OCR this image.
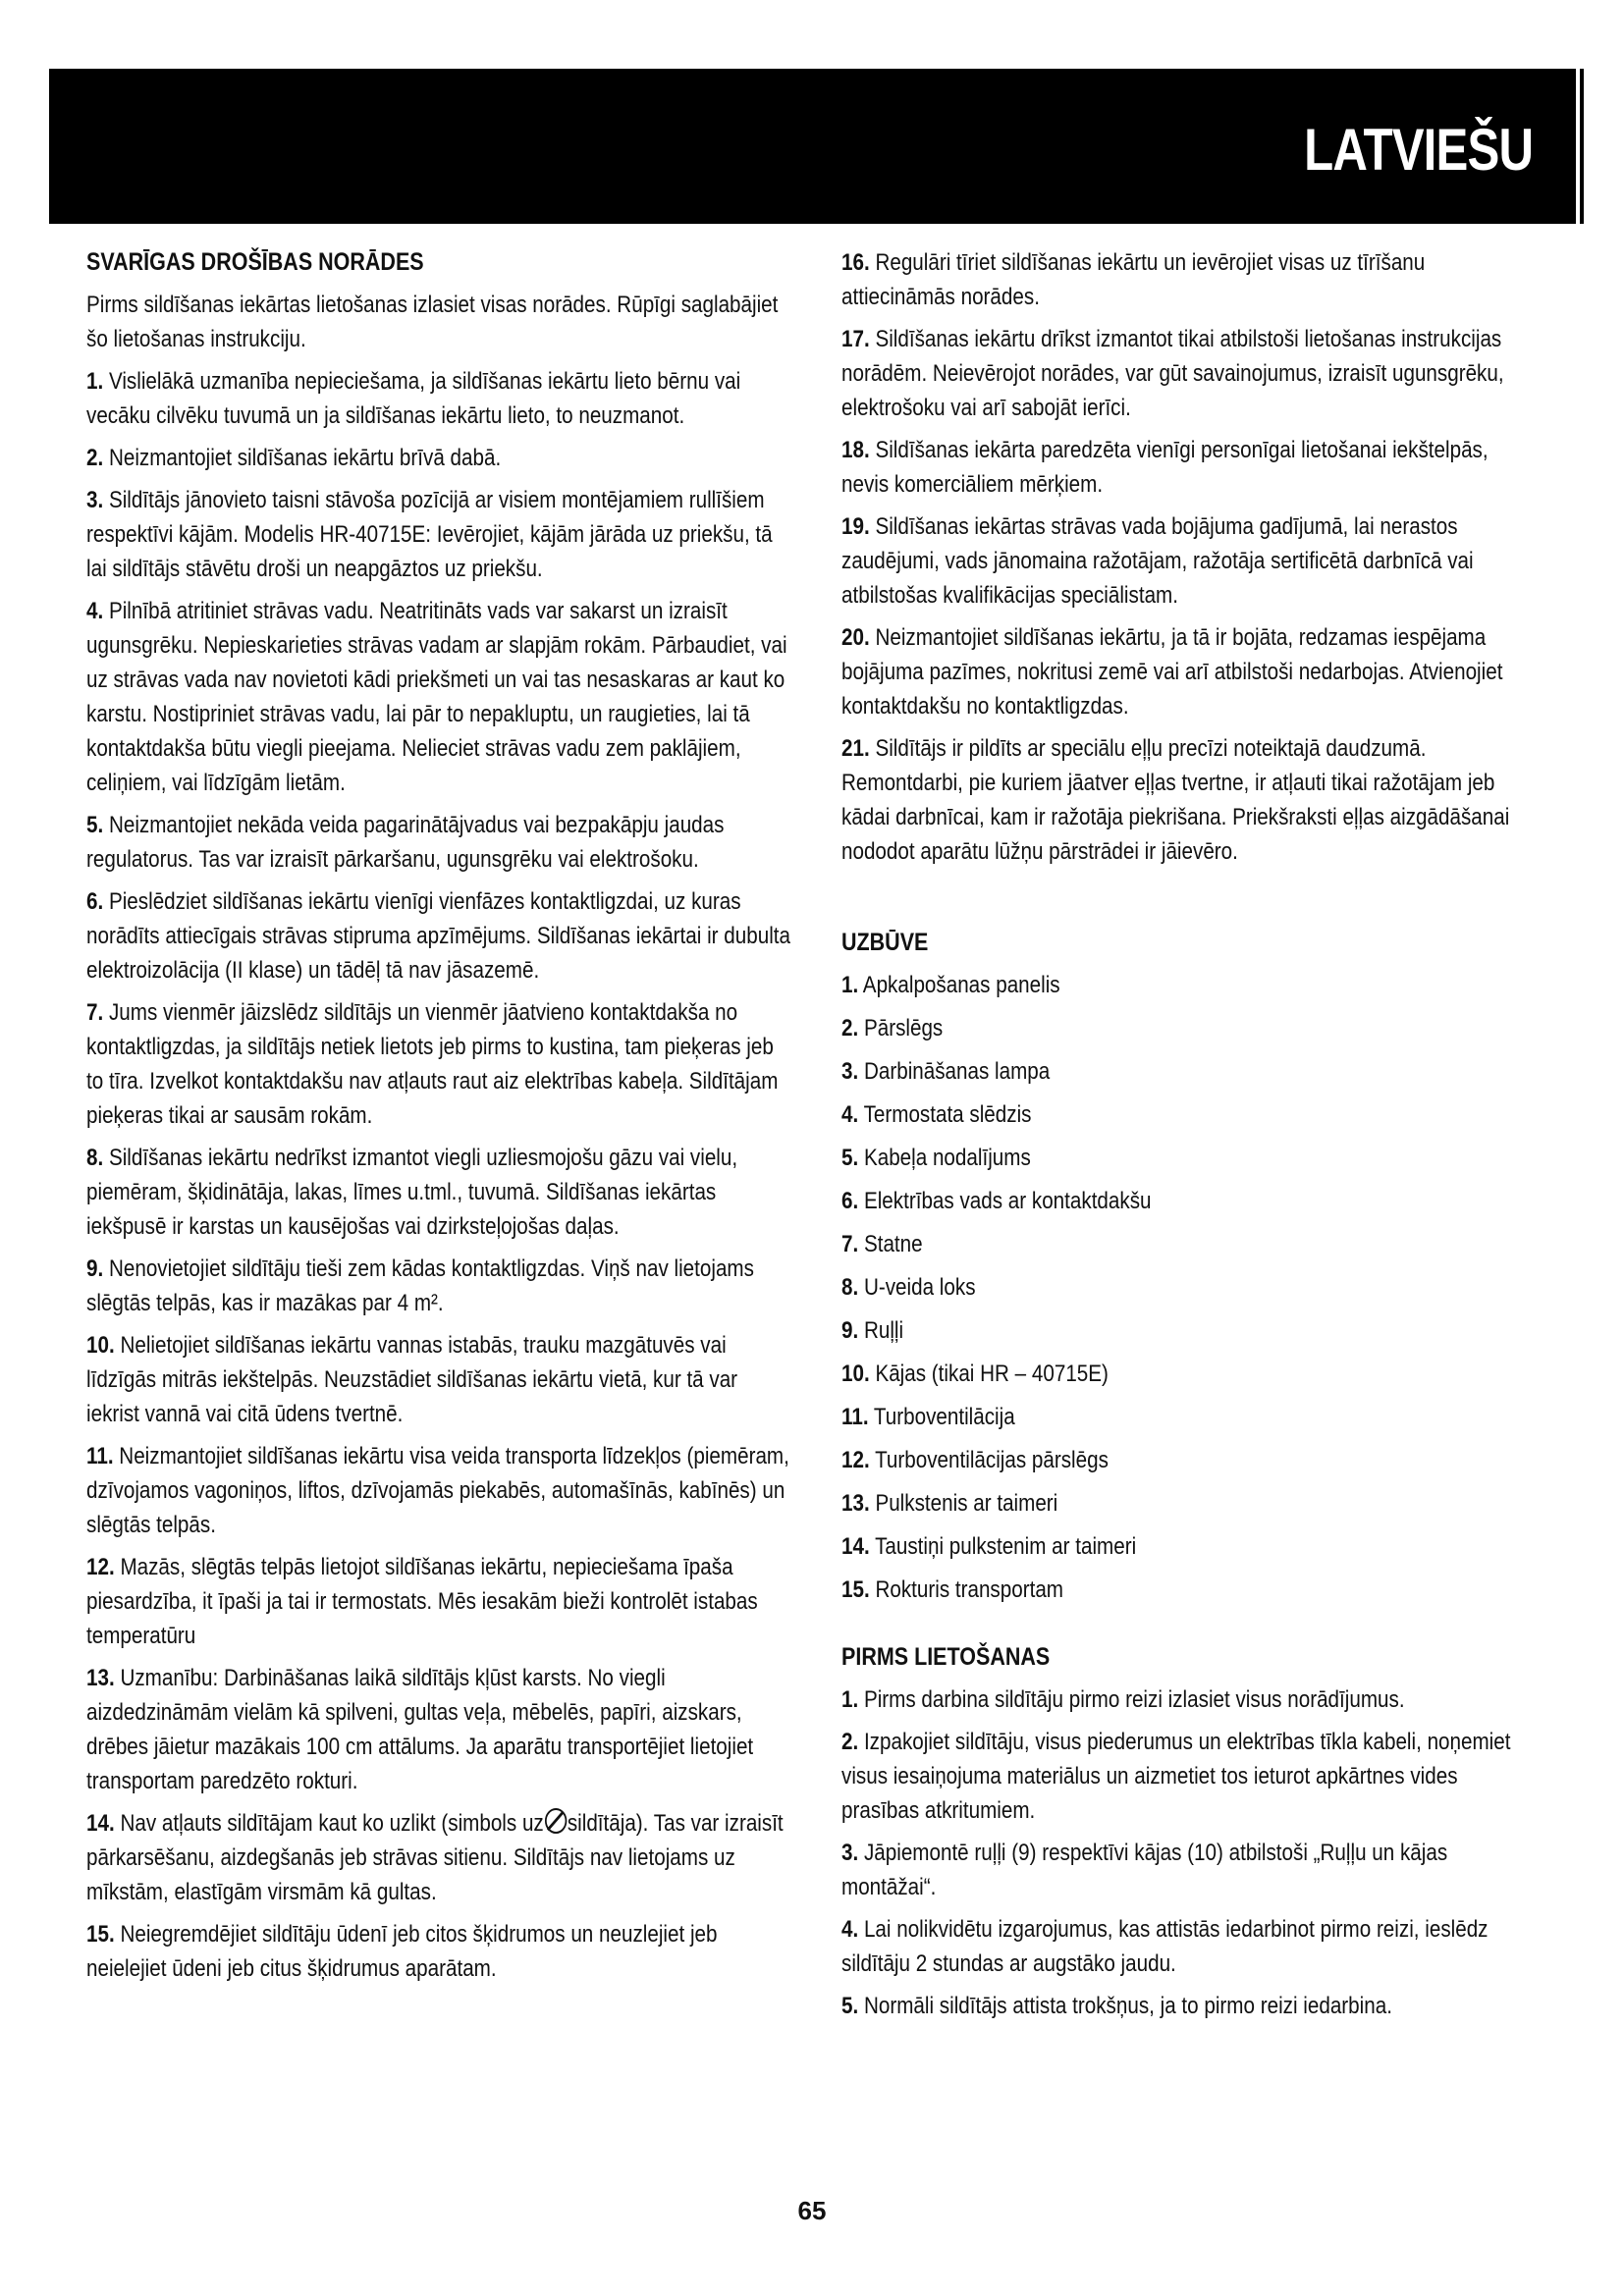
LATVIEŠU
SVARĪGAS DROŠĪBAS NORĀDES
Pirms sildīšanas iekārtas lietošanas izlasiet visas norādes. Rūpīgi saglabājiet šo lietošanas instrukciju.
1. Vislielākā uzmanība nepieciešama, ja sildīšanas iekārtu lieto bērnu vai vecāku cilvēku tuvumā un ja sildīšanas iekārtu lieto, to neuzmanot.
2. Neizmantojiet sildīšanas iekārtu brīvā dabā.
3. Sildītājs jānovieto taisni stāvoša pozīcijā ar visiem montējamiem rullīšiem respektīvi kājām. Modelis HR-40715E: Ievērojiet, kājām jārāda uz priekšu, tā lai sildītājs stāvētu droši un neapgāztos uz priekšu.
4. Pilnībā atritiniet strāvas vadu. Neatritināts vads var sakarst un izraisīt ugunsgrēku. Nepieskarieties strāvas vadam ar slapjām rokām. Pārbaudiet, vai uz strāvas vada nav novietoti kādi priekšmeti un vai tas nesaskaras ar kaut ko karstu. Nostipriniet strāvas vadu, lai pār to nepakluptu, un raugieties, lai tā kontaktdakša būtu viegli pieejama. Nelieciet strāvas vadu zem paklājiem, celiņiem, vai līdzīgām lietām.
5. Neizmantojiet nekāda veida pagarinātājvadus vai bezpakāpju jaudas regulatorus. Tas var izraisīt pārkaršanu, ugunsgrēku vai elektrošoku.
6. Pieslēdziet sildīšanas iekārtu vienīgi vienfāzes kontaktligzdai, uz kuras norādīts attiecīgais strāvas stipruma apzīmējums. Sildīšanas iekārtai ir dubulta elektroizolācija (II klase) un tādēļ tā nav jāsazemē.
7. Jums vienmēr jāizslēdz sildītājs un vienmēr jāatvieno kontaktdakša no kontaktligzdas, ja sildītājs netiek lietots jeb pirms to kustina, tam pieķeras jeb to tīra. Izvelkot kontaktdakšu nav atļauts raut aiz elektrības kabeļa. Sildītājam pieķeras tikai ar sausām rokām.
8. Sildīšanas iekārtu nedrīkst izmantot viegli uzliesmojošu gāzu vai vielu, piemēram, šķidinātāja, lakas, līmes u.tml., tuvumā. Sildīšanas iekārtas iekšpusē ir karstas un kausējošas vai dzirksteļojošas daļas.
9. Nenovietojiet sildītāju tieši zem kādas kontaktligzdas. Viņš nav lietojams slēgtās telpās, kas ir mazākas par 4 m².
10. Nelietojiet sildīšanas iekārtu vannas istabās, trauku mazgātuvēs vai līdzīgās mitrās iekštelpās. Neuzstādiet sildīšanas iekārtu vietā, kur tā var iekrist vannā vai citā ūdens tvertnē.
11. Neizmantojiet sildīšanas iekārtu visa veida transporta līdzekļos (piemēram, dzīvojamos vagoniņos, liftos, dzīvojamās piekabēs, automašīnās, kabīnēs) un slēgtās telpās.
12. Mazās, slēgtās telpās lietojot sildīšanas iekārtu, nepieciešama īpaša piesardzība, it īpaši ja tai ir termostats. Mēs iesakām bieži kontrolēt istabas temperatūru
13. Uzmanību: Darbināšanas laikā sildītājs kļūst karsts. No viegli aizdedzināmām vielām kā spilveni, gultas veļa, mēbelēs, papīri, aizskars, drēbes jāietur mazākais 100 cm attālums. Ja aparātu transportējiet lietojiet transportam paredzēto rokturi.
14. Nav atļauts sildītājam kaut ko uzlikt (simbols uz sildītāja). Tas var izraisīt pārkarsēšanu, aizdegšanās jeb strāvas sitienu. Sildītājs nav lietojams uz mīkstām, elastīgām virsmām kā gultas.
15. Neiegremdējiet sildītāju ūdenī jeb citos šķidrumos un neuzlejiet jeb neielejiet ūdeni jeb citus šķidrumus aparātam.
16. Regulāri tīriet sildīšanas iekārtu un ievērojiet visas uz tīrīšanu attiecināmās norādes.
17. Sildīšanas iekārtu drīkst izmantot tikai atbilstoši lietošanas instrukcijas norādēm. Neievērojot norādes, var gūt savainojumus, izraisīt ugunsgrēku, elektrošoku vai arī sabojāt ierīci.
18. Sildīšanas iekārta paredzēta vienīgi personīgai lietošanai iekštelpās, nevis komerciāliem mērķiem.
19. Sildīšanas iekārtas strāvas vada bojājuma gadījumā, lai nerastos zaudējumi, vads jānomaina ražotājam, ražotāja sertificētā darbnīcā vai atbilstošas kvalifikācijas speciālistam.
20. Neizmantojiet sildīšanas iekārtu, ja tā ir bojāta, redzamas iespējama bojājuma pazīmes, nokritusi zemē vai arī atbilstoši nedarbojas. Atvienojiet kontaktdakšu no kontaktligzdas.
21. Sildītājs ir pildīts ar speciālu eļļu precīzi noteiktajā daudzumā. Remontdarbi, pie kuriem jāatver eļļas tvertne, ir atļauti tikai ražotājam jeb kādai darbnīcai, kam ir ražotāja piekrišana. Priekšraksti eļļas aizgādāšanai nododot aparātu lūžņu pārstrādei ir jāievēro.
UZBŪVE
1. Apkalpošanas panelis
2. Pārslēgs
3. Darbināšanas lampa
4. Termostata slēdzis
5. Kabeļa nodalījums
6. Elektrības vads ar kontaktdakšu
7. Statne
8. U-veida loks
9. Ruļļi
10. Kājas (tikai HR – 40715E)
11. Turboventilācija
12. Turboventilācijas pārslēgs
13. Pulkstenis ar taimeri
14. Taustiņi pulkstenim ar taimeri
15. Rokturis transportam
PIRMS LIETOŠANAS
1. Pirms darbina sildītāju pirmo reizi izlasiet visus norādījumus.
2. Izpakojiet sildītāju, visus piederumus un elektrības tīkla kabeli, noņemiet visus iesaiņojuma materiālus un aizmetiet tos ieturot apkārtnes vides prasības atkritumiem.
3. Jāpiemontē ruļļi (9) respektīvi kājas (10) atbilstoši „Ruļļu un kājas montāžai“.
4. Lai nolikvidētu izgarojumus, kas attistās iedarbinot pirmo reizi, ieslēdz sildītāju 2 stundas ar augstāko jaudu.
5. Normāli sildītājs attista trokšņus, ja to pirmo reizi iedarbina.
65
